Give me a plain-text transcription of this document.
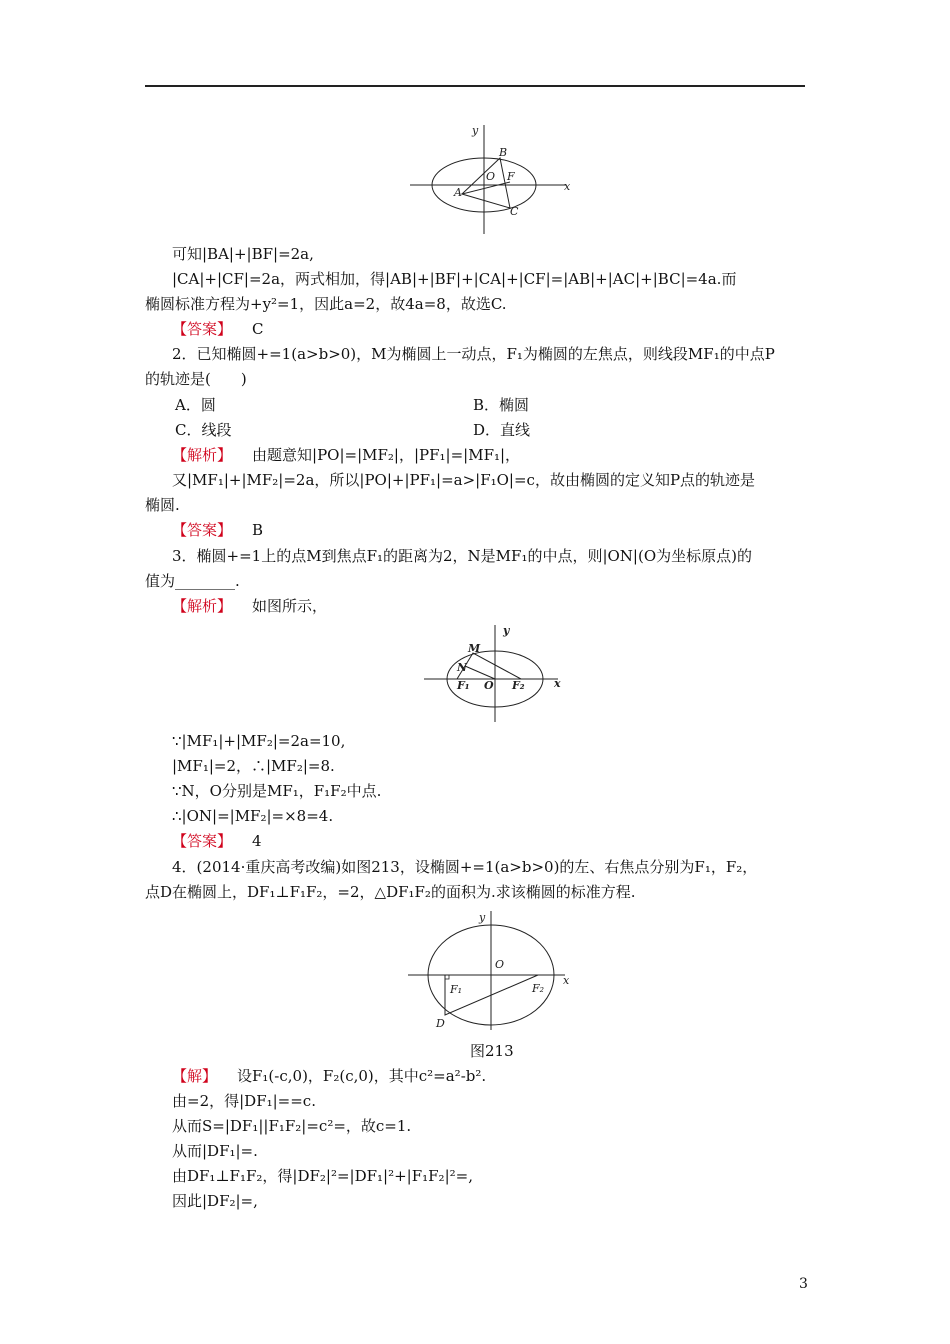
y
x
B
O F
A
C
可知|BA|+|BF|=2a,
|CA|+|CF|=2a，两式相加，得|AB|+|BF|+|CA|+|CF|=|AB|+|AC|+|BC|=4a.而
椭圆标准方程为+y²=1，因此a=2，故4a=8，故选C.
【答案】 C
2．已知椭圆+=1(a>b>0)，M为椭圆上一动点，F₁为椭圆的左焦点，则线段MF₁的中点P
的轨迹是(　　)
A．圆	B．椭圆
C．线段	D．直线
【解析】 由题意知|PO|=|MF₂|，|PF₁|=|MF₁|，
又|MF₁|+|MF₂|=2a，所以|PO|+|PF₁|=a>|F₁O|=c，故由椭圆的定义知P点的轨迹是
椭圆.
【答案】 B
3．椭圆+=1上的点M到焦点F₁的距离为2，N是MF₁的中点，则|ON|(O为坐标原点)的
值为________.
【解析】 如图所示，
y
x
M
N
F₁ O F₂
∵|MF₁|+|MF₂|=2a=10,
|MF₁|=2，∴|MF₂|=8.
∵N，O分别是MF₁，F₁F₂中点.
∴|ON|=|MF₂|=×8=4.
【答案】 4
4．(2014·重庆高考改编)如图213，设椭圆+=1(a>b>0)的左、右焦点分别为F₁，F₂，
点D在椭圆上，DF₁⊥F₁F₂，=2，△DF₁F₂的面积为.求该椭圆的标准方程.
y
x
O
F₁	F₂
D
图213
【解】 设F₁(-c,0)，F₂(c,0)，其中c²=a²-b².
由=2，得|DF₁|==c.
从而S=|DF₁||F₁F₂|=c²=，故c=1.
从而|DF₁|=.
由DF₁⊥F₁F₂，得|DF₂|²=|DF₁|²+|F₁F₂|²=,
因此|DF₂|=,
3
